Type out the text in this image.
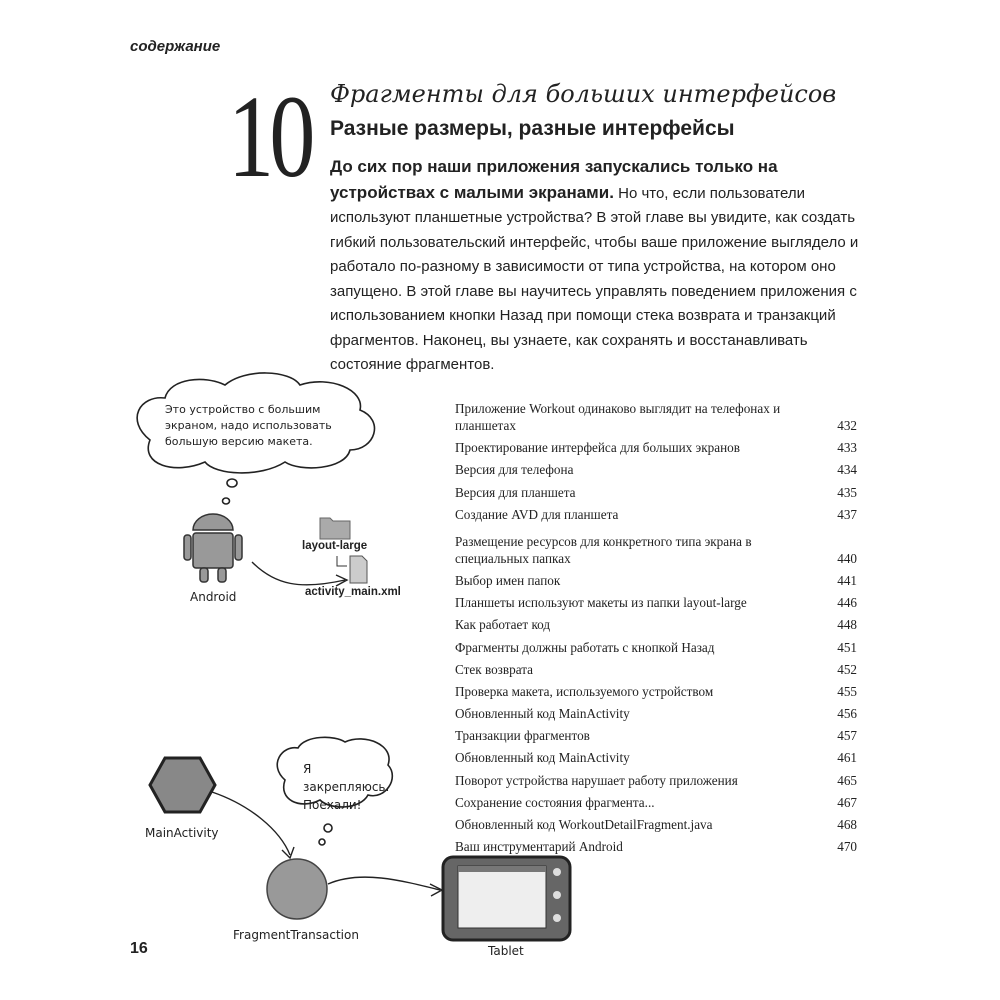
содержание
10 Фрагменты для больших интерфейсов
Разные размеры, разные интерфейсы
До сих пор наши приложения запускались только на устройствах с малыми экранами. Но что, если пользователи используют планшетные устройства? В этой главе вы увидите, как создать гибкий пользовательский интерфейс, чтобы ваше приложение выглядело и работало по-разному в зависимости от типа устройства, на котором оно запущено. В этой главе вы научитесь управлять поведением приложения с использованием кнопки Назад при помощи стека возврата и транзакций фрагментов. Наконец, вы узнаете, как сохранять и восстанавливать состояние фрагментов.
Приложение Workout одинаково выглядит на телефонах и планшетах	432
Проектирование интерфейса для больших экранов	433
Версия для телефона	434
Версия для планшета	435
Создание AVD для планшета	437
Размещение ресурсов для конкретного типа экрана в специальных папках	440
Выбор имен папок	441
Планшеты используют макеты из папки layout-large	446
Как работает код	448
Фрагменты должны работать с кнопкой Назад	451
Стек возврата	452
Проверка макета, используемого устройством	455
Обновленный код MainActivity	456
Транзакции фрагментов	457
Обновленный код MainActivity	461
Поворот устройства нарушает работу приложения	465
Сохранение состояния фрагмента...	467
Обновленный код WorkoutDetailFragment.java	468
Ваш инструментарий Android	470
Это устройство с большим экраном, надо использовать большую версию макета.
Android
layout-large
activity_main.xml
Я закрепляюсь. Поехали!
MainActivity
FragmentTransaction
Tablet
16
